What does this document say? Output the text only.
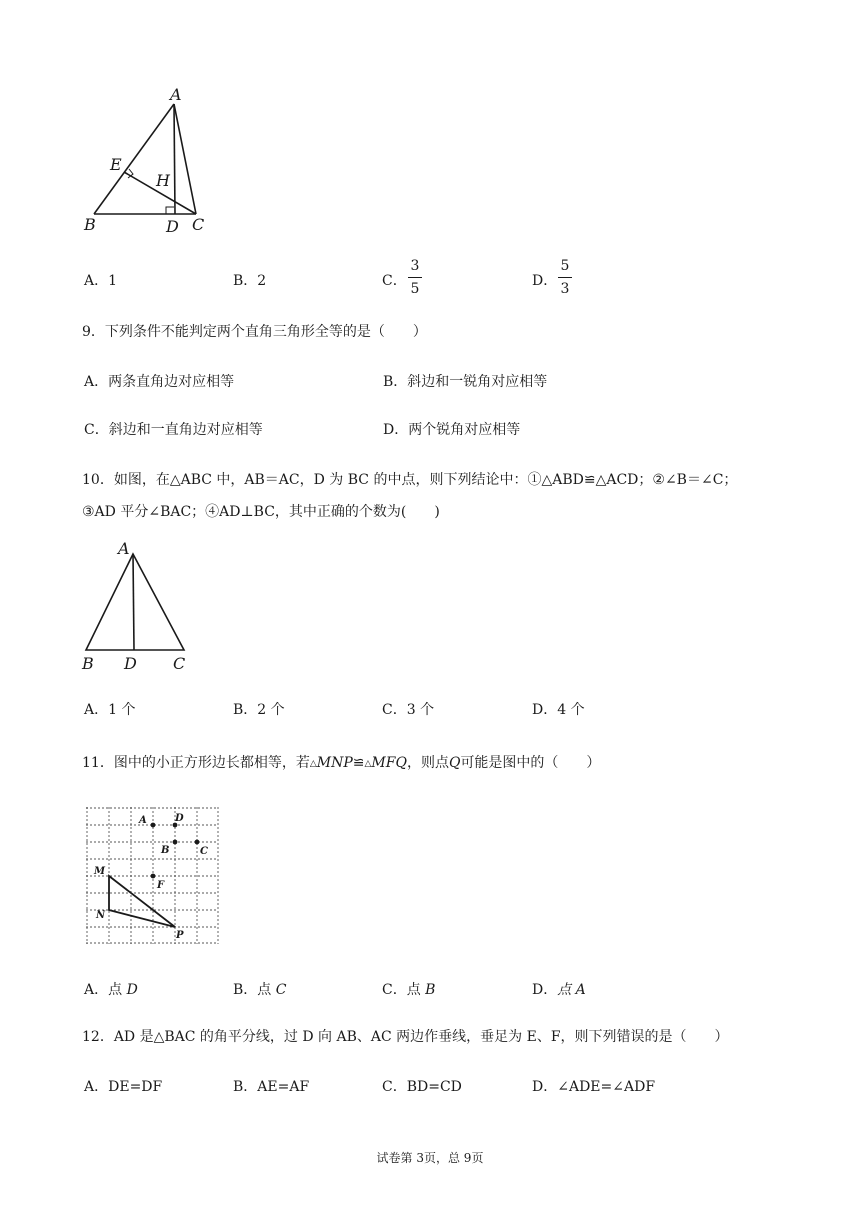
A
E
H
B	D C
A．1	B．2	C．
3
5	D．
5
3
9．下列条件不能判定两个直角三角形全等的是（　　）
A．两条直角边对应相等	B．斜边和一锐角对应相等
C．斜边和一直角边对应相等	D．两个锐角对应相等
10．如图，在△ABC 中，AB＝AC，D 为 BC 的中点，则下列结论中：①△ABD≌△ACD；②∠B＝∠C；
③AD 平分∠BAC；④AD⊥BC，其中正确的个数为(　　)
A
B D C
A．1 个	B．2 个	C．3 个	D．4 个
11．图中的小正方形边长都相等，若△MNP≌△MFQ，则点Q可能是图中的（　　）
A	D
B	C
M
F
N
P
A．点 D	B．点 C	C．点 B	D．点 A
12．AD 是△BAC 的角平分线，过 D 向 AB、AC 两边作垂线，垂足为 E、F，则下列错误的是（　　）
A．DE=DF	B．AE=AF	C．BD=CD	D．∠ADE=∠ADF
试卷第 3页，总 9页
